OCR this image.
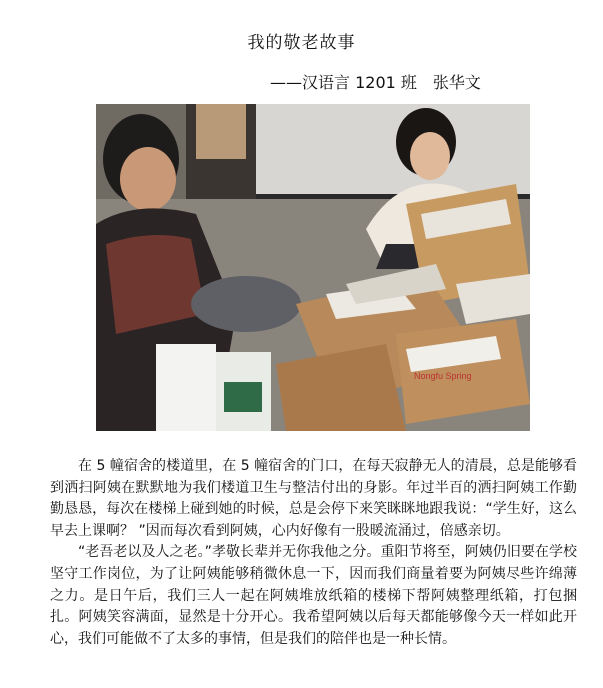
我的敬老故事
——汉语言 1201 班　张华文
Nongfu Spring

在 5 幢宿舍的楼道里，在 5 幢宿舍的门口，在每天寂静无人的清晨，总是能够看到洒扫阿姨在默默地为我们楼道卫生与整洁付出的身影。年过半百的洒扫阿姨工作勤勤恳恳，每次在楼梯上碰到她的时候，总是会停下来笑眯眯地跟我说：“学生好，这么早去上课啊？ ”因而每次看到阿姨，心内好像有一股暖流涌过，倍感亲切。

“老吾老以及人之老。”孝敬长辈并无你我他之分。重阳节将至，阿姨仍旧要在学校坚守工作岗位，为了让阿姨能够稍微休息一下，因而我们商量着要为阿姨尽些许绵薄之力。是日午后，我们三人一起在阿姨堆放纸箱的楼梯下帮阿姨整理纸箱，打包捆扎。阿姨笑容满面，显然是十分开心。我希望阿姨以后每天都能够像今天一样如此开心，我们可能做不了太多的事情，但是我们的陪伴也是一种长情。
